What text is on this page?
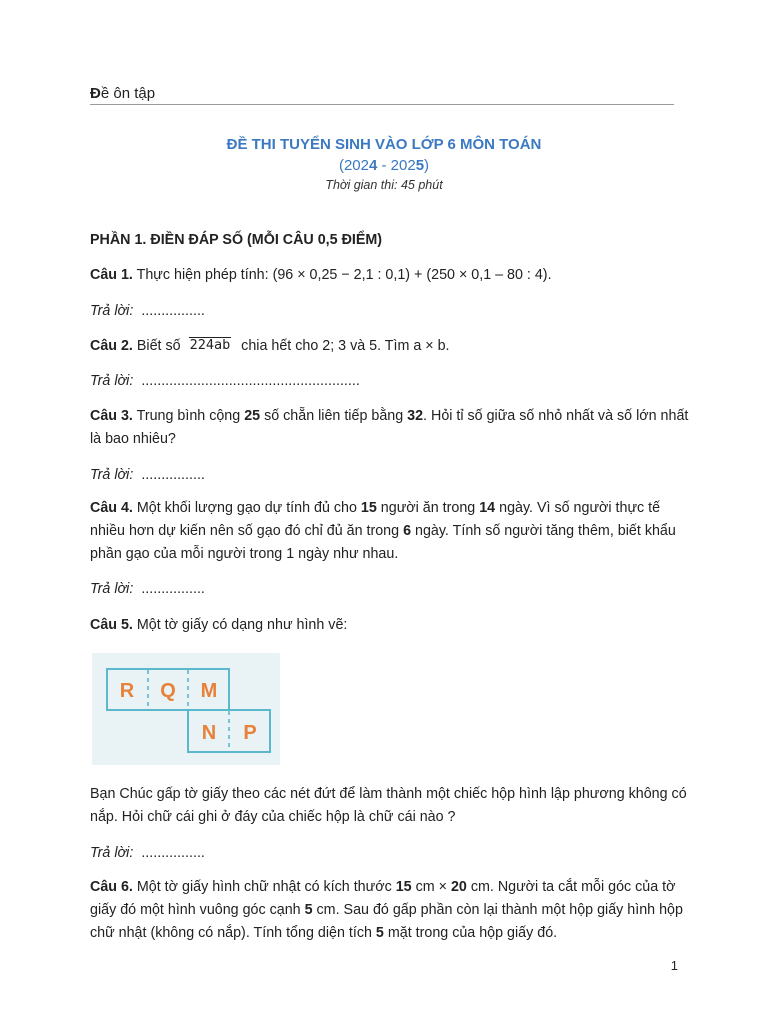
Đề ôn tập
ĐỀ THI TUYỂN SINH VÀO LỚP 6 MÔN TOÁN
(2024 - 2025)
Thời gian thi: 45 phút
PHẦN 1. ĐIỀN ĐÁP SỐ (MỖI CÂU 0,5 ĐIỂM)
Câu 1. Thực hiện phép tính: (96 × 0,25 − 2,1 : 0,1) + (250 × 0,1 – 80 : 4).
Trả lời: ................
Câu 2. Biết số 224ab chia hết cho 2; 3 và 5. Tìm a × b.
Trả lời: .......................................................
Câu 3. Trung bình cộng 25 số chẵn liên tiếp bằng 32. Hỏi tỉ số giữa số nhỏ nhất và số lớn nhất là bao nhiêu?
Trả lời: ................
Câu 4. Một khối lượng gạo dự tính đủ cho 15 người ăn trong 14 ngày. Vì số người thực tế nhiều hơn dự kiến nên số gạo đó chỉ đủ ăn trong 6 ngày. Tính số người tăng thêm, biết khẩu phần gạo của mỗi người trong 1 ngày như nhau.
Trả lời: ................
Câu 5. Một tờ giấy có dạng như hình vẽ:
R Q M
N P
Bạn Chúc gấp tờ giấy theo các nét đứt để làm thành một chiếc hộp hình lập phương không có nắp. Hỏi chữ cái ghi ở đáy của chiếc hộp là chữ cái nào ?
Trả lời: ................
Câu 6. Một tờ giấy hình chữ nhật có kích thước 15 cm × 20 cm. Người ta cắt mỗi góc của tờ giấy đó một hình vuông góc cạnh 5 cm. Sau đó gấp phần còn lại thành một hộp giấy hình hộp chữ nhật (không có nắp). Tính tổng diện tích 5 mặt trong của hộp giấy đó.
1
